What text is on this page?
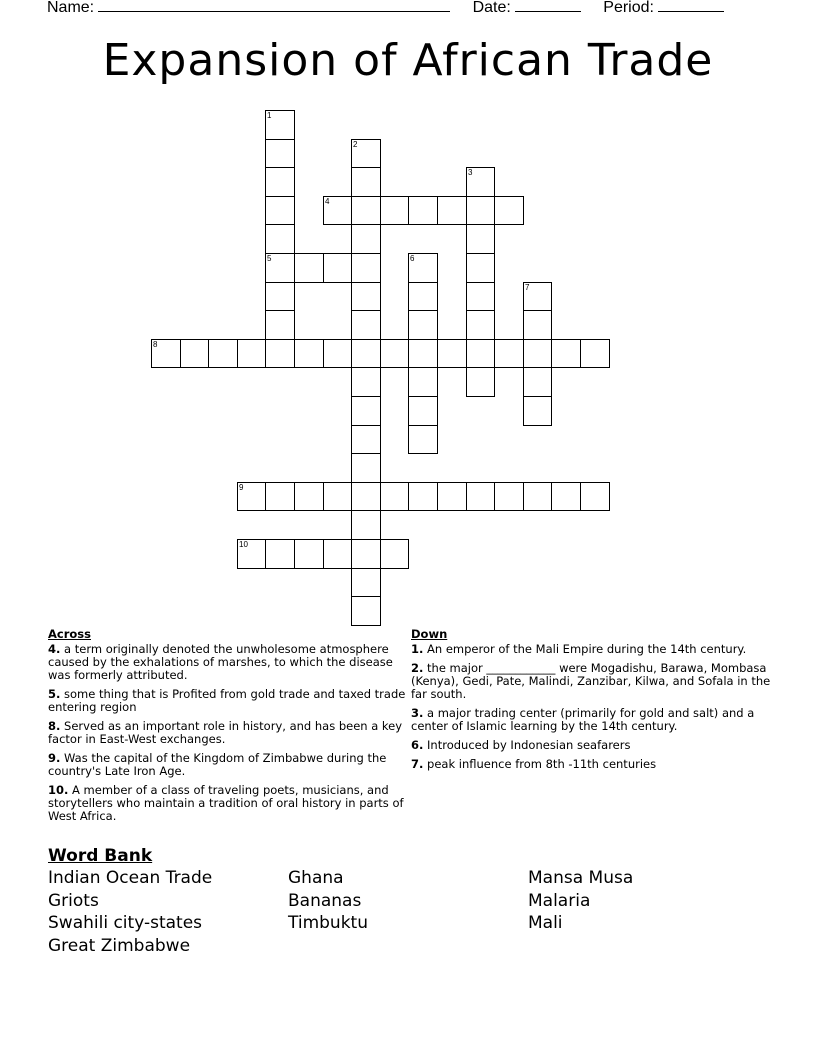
Name:	Date:	Period:
Expansion of African Trade
1
5
2
3
4
6
7
8
9
10
Across
4. a term originally denoted the unwholesome atmosphere caused by the exhalations of marshes, to which the disease was formerly attributed.
5. some thing that is Profited from gold trade and taxed trade entering region
8. Served as an important role in history, and has been a key factor in East-West exchanges.
9. Was the capital of the Kingdom of Zimbabwe during the country's Late Iron Age.
10. A member of a class of traveling poets, musicians, and storytellers who maintain a tradition of oral history in parts of West Africa.
Down
1. An emperor of the Mali Empire during the 14th century.
2. the major ____________ were Mogadishu, Barawa, Mombasa (Kenya), Gedi, Pate, Malindi, Zanzibar, Kilwa, and Sofala in the far south.
3. a major trading center (primarily for gold and salt) and a center of Islamic learning by the 14th century.
6. Introduced by Indonesian seafarers
7. peak influence from 8th -11th centuries
Word Bank
Indian Ocean Trade
Griots
Swahili city-states
Great Zimbabwe
Ghana
Bananas
Timbuktu
Mansa Musa
Malaria
Mali
